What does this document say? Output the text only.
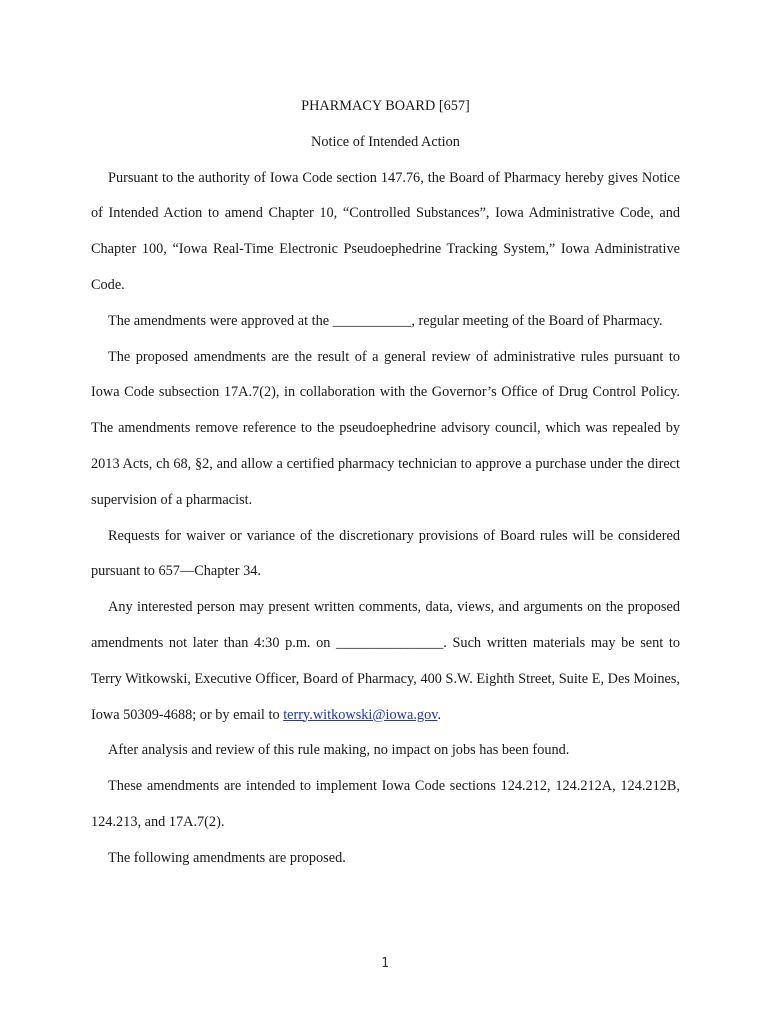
PHARMACY BOARD [657]

Notice of Intended Action

Pursuant to the authority of Iowa Code section 147.76, the Board of Pharmacy hereby gives Notice of Intended Action to amend Chapter 10, “Controlled Substances”, Iowa Administrative Code, and Chapter 100, “Iowa Real-Time Electronic Pseudoephedrine Tracking System,” Iowa Administrative Code.

The amendments were approved at the ___________, regular meeting of the Board of Pharmacy.

The proposed amendments are the result of a general review of administrative rules pursuant to Iowa Code subsection 17A.7(2), in collaboration with the Governor’s Office of Drug Control Policy. The amendments remove reference to the pseudoephedrine advisory council, which was repealed by 2013 Acts, ch 68, §2, and allow a certified pharmacy technician to approve a purchase under the direct supervision of a pharmacist.

Requests for waiver or variance of the discretionary provisions of Board rules will be considered pursuant to 657—Chapter 34.

Any interested person may present written comments, data, views, and arguments on the proposed amendments not later than 4:30 p.m. on _______________. Such written materials may be sent to Terry Witkowski, Executive Officer, Board of Pharmacy, 400 S.W. Eighth Street, Suite E, Des Moines, Iowa 50309-4688; or by email to terry.witkowski@iowa.gov.

After analysis and review of this rule making, no impact on jobs has been found.

These amendments are intended to implement Iowa Code sections 124.212, 124.212A, 124.212B, 124.213, and 17A.7(2).

The following amendments are proposed.

1
